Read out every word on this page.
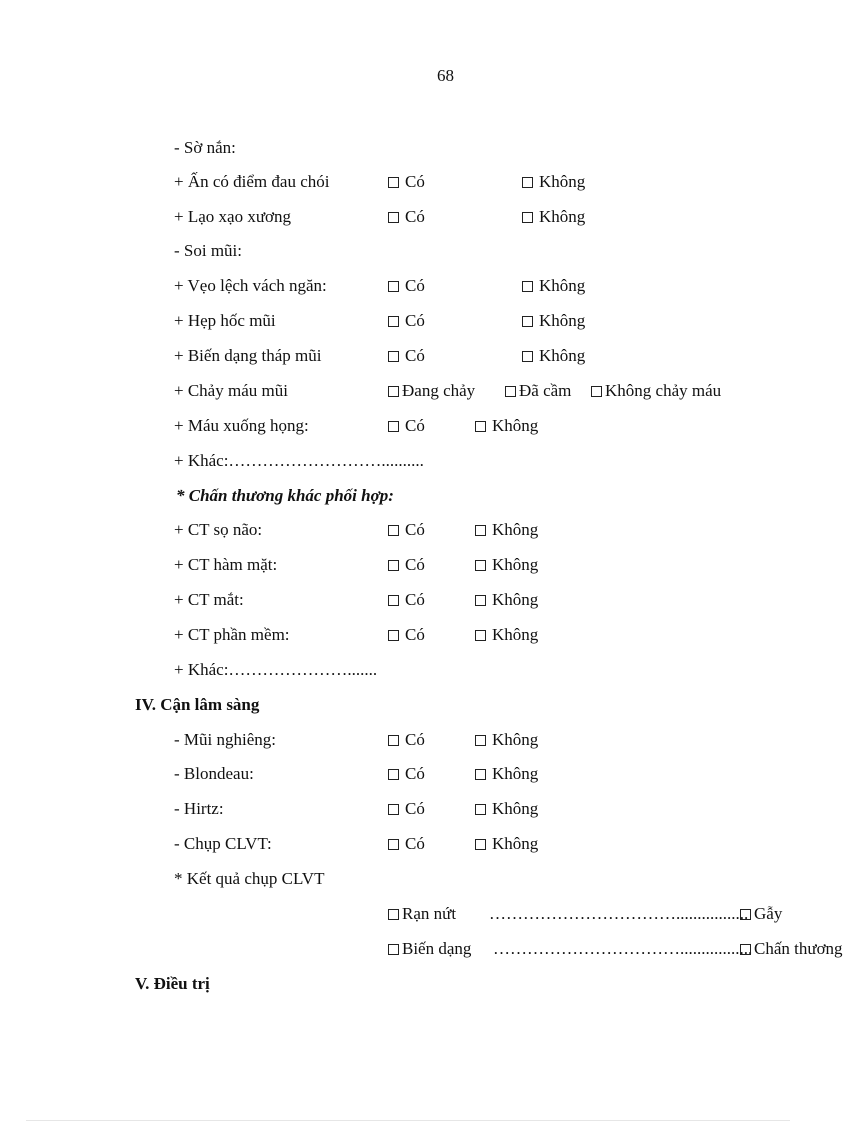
68
- Sờ nắn:
+ Ấn có điểm đau chói	Có	Không
+ Lạo xạo xương	Có	Không
- Soi mũi:
+ Vẹo lệch vách ngăn:	Có	Không
+ Hẹp hốc mũi	Có	Không
+ Biến dạng tháp mũi	Có	Không
+ Chảy máu mũi	Đang chảy	Đã cầm	Không chảy máu
+ Máu xuống họng:	Có	Không
+ Khác:………………………..........
* Chấn thương khác phối hợp:
+ CT sọ não:	Có	Không
+ CT hàm mặt:	Có	Không
+ CT mắt:	Có	Không
+ CT phần mềm:	Có	Không
+ Khác:………………….......
IV. Cận lâm sàng
- Mũi nghiêng:	Có	Không
- Blondeau:	Có	Không
- Hirtz:	Có	Không
- Chụp CLVT:	Có	Không
* Kết quả chụp CLVT
Rạn nứt ……………………………................. Gẫy
Biến dạng ……………………………................. Chấn thương
V. Điều trị
